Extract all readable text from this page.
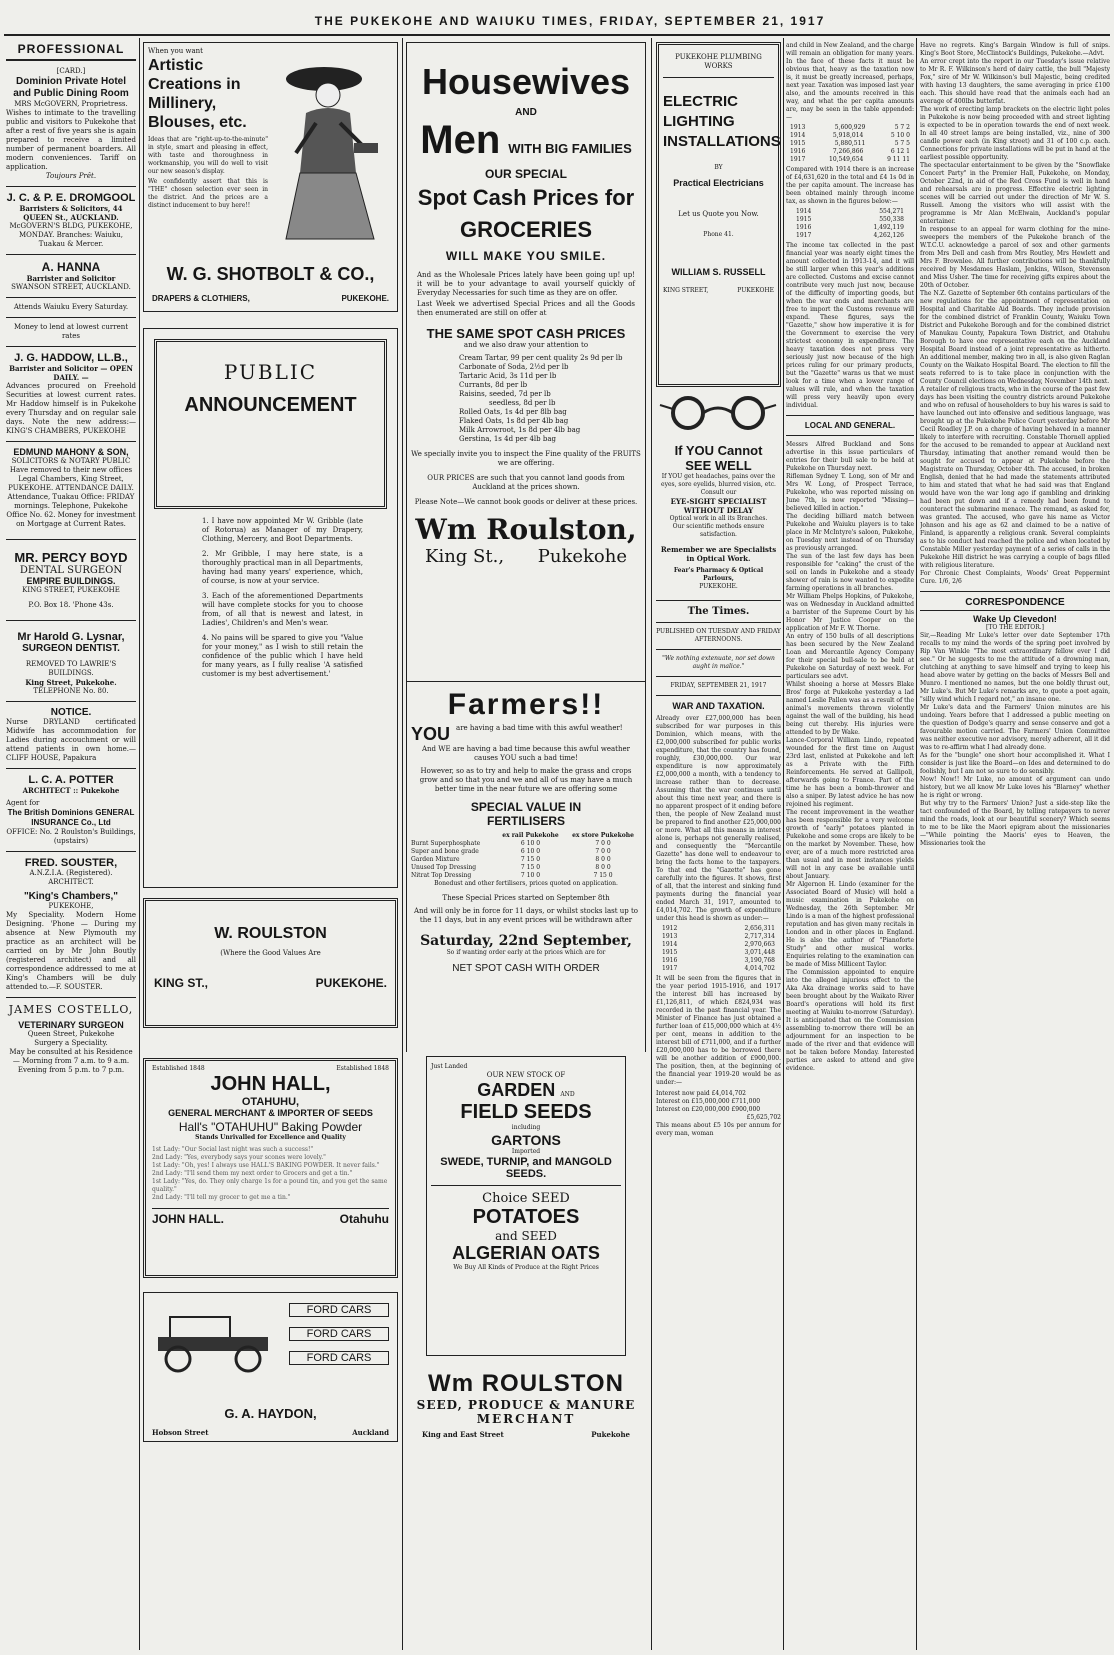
THE PUKEKOHE AND WAIUKU TIMES, FRIDAY, SEPTEMBER 21, 1917
PROFESSIONAL
[CARD.]
Dominion Private Hotel and Public Dining Room
MRS McGOVERN, Proprietress.
Wishes to intimate to the travelling public and visitors to Pukekohe that after a rest of five years she is again prepared to receive a limited number of permanent boarders. All modern conveniences. Tariff on application.
Toujours Prêt.
J. C. & P. E. DROMGOOL
Barristers & Solicitors, 44 QUEEN St., AUCKLAND.
McGOVERN'S BLDG, PUKEKOHE, MONDAY. Branches: Waiuku, Tuakau & Mercer.
A. HANNA
Barrister and Solicitor
SWANSON STREET, AUCKLAND.
Attends Waiuku Every Saturday.
Money to lend at lowest current rates
J. G. HADDOW, LL.B.,
Barrister and Solicitor — OPEN DAILY. —
Advances procured on Freehold Securities at lowest current rates. Mr Haddow himself is in Pukekohe every Thursday and on regular sale days. Note the new address:— KING'S CHAMBERS, PUKEKOHE
EDMUND MAHONY & SON,
SOLICITORS & NOTARY PUBLIC
Have removed to their new offices Legal Chambers, King Street, PUKEKOHE. ATTENDANCE DAILY. Attendance, Tuakau Office: FRIDAY mornings. Telephone, Pukekohe Office No. 62. Money for investment on Mortgage at Current Rates.
MR. PERCY BOYD
DENTAL SURGEON
EMPIRE BUILDINGS.
KING STREET, PUKEKOHE
P.O. Box 18. 'Phone 43s.
Mr Harold G. Lysnar,
SURGEON DENTIST.
REMOVED TO LAWRIE'S BUILDINGS.
King Street, Pukekohe.
TELEPHONE No. 80.
NOTICE.
Nurse DRYLAND certificated Midwife has accommodation for Ladies during accouchment or will attend patients in own home.— CLIFF HOUSE, Papakura
L. C. A. POTTER
ARCHITECT :: Pukekohe
Agent for
The British Dominions GENERAL INSURANCE Co., Ltd
OFFICE: No. 2 Roulston's Buildings, (upstairs)
FRED. SOUSTER,
A.N.Z.I.A. (Registered). ARCHITECT.
"King's Chambers,"
PUKEKOHE,
My Speciality. Modern Home Designing. 'Phone — During my absence at New Plymouth my practice as an architect will be carried on by Mr John Boutly (registered architect) and all correspondence addressed to me at King's Chambers will be duly attended to.—F. SOUSTER.
JAMES COSTELLO,
VETERINARY SURGEON
Queen Street, Pukekohe
Surgery a Speciality.
May be consulted at his Residence — Morning from 7 a.m. to 9 a.m. Evening from 5 p.m. to 7 p.m.
When you want
Artistic Creations in Millinery, Blouses, etc.
Ideas that are "right-up-to-the-minute" in style, smart and pleasing in effect, with taste and thoroughness in workmanship, you will do well to visit our new season's display.
We confidently assert that this is "THE" chosen selection ever seen in the district. And the prices are a distinct inducement to buy here!!
W. G. SHOTBOLT & CO.,
DRAPERS & CLOTHIERS,	PUKEKOHE.
PUBLIC
ANNOUNCEMENT
1. I have now appointed Mr W. Gribble (late of Rotorua) as Manager of my Drapery, Clothing, Mercery, and Boot Departments.
2. Mr Gribble, I may here state, is a thoroughly practical man in all Departments, having had many years' experience, which, of course, is now at your service.
3. Each of the aforementioned Departments will have complete stocks for you to choose from, of all that is newest and latest, in Ladies', Children's and Men's wear.
4. No pains will be spared to give you "Value for your money," as I wish to still retain the confidence of the public which I have held for many years, as I fully realise 'A satisfied customer is my best advertisement.'
W. ROULSTON
(Where the Good Values Are
KING ST.,	PUKEKOHE.
Established 1848	Established 1848
JOHN HALL,
OTAHUHU,
GENERAL MERCHANT & IMPORTER OF SEEDS
Hall's "OTAHUHU" Baking Powder
Stands Unrivalled for Excellence and Quality
1st Lady: "Our Social last night was such a success!"
2nd Lady: "Yes, everybody says your scones were lovely."
1st Lady: "Oh, yes! I always use HALL'S BAKING POWDER. It never fails."
2nd Lady: "I'll send them my next order to Grocers and get a tin."
1st Lady: "Yes, do. They only charge 1s for a pound tin, and you get the same quality."
2nd Lady: "I'll tell my grocer to get me a tin."
JOHN HALL.	Otahuhu
FORD CARS
FORD CARS
FORD CARS
G. A. HAYDON,
Hobson Street	Auckland
Housewives
AND
Men WITH BIG FAMILIES
OUR SPECIAL
Spot Cash Prices for
GROCERIES
WILL MAKE YOU SMILE.
And as the Wholesale Prices lately have been going up! up! it will be to your advantage to avail yourself quickly of Everyday Necessaries for such time as they are on offer.
Last Week we advertised Special Prices and all the Goods then enumerated are still on offer at
THE SAME SPOT CASH PRICES
and we also draw your attention to
Cream Tartar, 99 per cent quality 2s 9d per lb
Carbonate of Soda, 2½d per lb
Tartaric Acid, 3s 11d per lb
Currants, 8d per lb
Raisins, seeded, 7d per lb
seedless, 8d per lb
Rolled Oats, 1s 4d per 8lb bag
Flaked Oats, 1s 8d per 4lb bag
Milk Arrowroot, 1s 8d per 4lb bag
Gerstina, 1s 4d per 4lb bag
We specially invite you to inspect the Fine quality of the FRUITS we are offering.
OUR PRICES are such that you cannot land goods from Auckland at the prices shown.
Please Note—We cannot book goods or deliver at these prices.
Wm Roulston,
King St., Pukekohe
Farmers!!
YOU are having a bad time with this awful weather!
And WE are having a bad time because this awful weather causes YOU such a bad time!
However, so as to try and help to make the grass and crops grow and so that you and we and all of us may have a much better time in the near future we are offering some
SPECIAL VALUE IN
FERTILISERS
	ex rail Pukekohe	ex store Pukekohe
Burnt Superphosphate	6 10 0	7 0 0
Super and bone grade	6 10 0	7 0 0
Garden Mixture	7 15 0	8 0 0
Unused Top Dressing	7 15 0	8 0 0
Nitrat Top Dressing	7 10 0	7 15 0
Bonedust and other fertilisers, prices quoted on application.
These Special Prices started on September 8th
And will only be in force for 11 days, or whilst stocks last up to the 11 days, but in any event prices will be withdrawn after
Saturday, 22nd September,
So if wanting order early at the prices which are for
NET SPOT CASH WITH ORDER
Just Landed
OUR NEW STOCK OF
GARDEN AND
FIELD SEEDS
including
GARTONS
Imported
SWEDE, TURNIP, and MANGOLD SEEDS.
Choice SEED
POTATOES
and SEED
ALGERIAN OATS
We Buy All Kinds of Produce at the Right Prices
Wm ROULSTON
SEED, PRODUCE & MANURE
MERCHANT
King and East Street	Pukekohe
PUKEKOHE PLUMBING WORKS
ELECTRIC LIGHTING INSTALLATIONS
BY
Practical Electricians
Let us Quote you Now.
Phone 41.
WILLIAM S. RUSSELL
KING STREET,	PUKEKOHE
If YOU Cannot
SEE WELL
If YOU get headaches, pains over the eyes, sore eyelids, blurred vision, etc. Consult our
EYE-SIGHT SPECIALIST
WITHOUT DELAY
Optical work in all its Branches.
Our scientific methods ensure satisfaction.
Remember we are Specialists in Optical Work.
Fear's Pharmacy & Optical Parlours,
PUKEKOHE.
The Times.
PUBLISHED ON TUESDAY AND FRIDAY AFTERNOONS.
"We nothing extenuate, nor set down aught in malice."
FRIDAY, SEPTEMBER 21, 1917
WAR AND TAXATION.
Already over £27,000,000 has been subscribed for war purposes in this Dominion, which means, with the £2,000,000 subscribed for public works expenditure, that the country has found, roughly, £30,000,000. Our war expenditure is now approximately £2,000,000 a month, with a tendency to increase rather than to decrease. Assuming that the war continues until about this time next year, and there is no apparent prospect of it ending before then, the people of New Zealand must be prepared to find another £25,000,000 or more. What all this means in interest alone is, perhaps not generally realised, and consequently the "Mercantile Gazette" has done well to endeavour to bring the facts home to the taxpayers. To that end the "Gazette" has gone carefully into the figures. It shows, first of all, that the interest and sinking fund payments during the financial year ended March 31, 1917, amounted to £4,014,702. The growth of expenditure under this head is shown as under:—
1912	2,656,311
1913	2,717,314
1914	2,970,663
1915	3,071,448
1916	3,190,768
1917	4,014,702
It will be seen from the figures that in the year period 1915-1916, and 1917 the interest bill has increased by £1,126,811, of which £824,934 was recorded in the past financial year. The Minister of Finance has just obtained a further loan of £15,000,000 which at 4½ per cent, means in addition to the interest bill of £711,000, and if a further £20,000,000 has to be borrowed there will be another addition of £900,000. The position, then, at the beginning of the financial year 1919-20 would be as under:—
Interest now paid £4,014,702
Interest on £15,000,000 £711,000
Interest on £20,000,000 £900,000
£5,625,702
This means about £5 10s per annum for every man, woman
and child in New Zealand, and the charge will remain an obligation for many years. In the face of these facts it must be obvious that, heavy as the taxation now is, it must be greatly increased, perhaps, next year. Taxation was imposed last year also, and the amounts received in this way, and what the per capita amounts are, may be seen in the table appended:—
1913	5,600,929	5 7 2
1914	5,918,014	5 10 0
1915	5,880,511	5 7 5
1916	7,266,866	6 12 1
1917	10,549,654	9 11 11
Compared with 1914 there is an increase of £4,631,620 in the total and £4 1s 0d in the per capita amount. The increase has been obtained mainly through income tax, as shown in the figures below:—
1914	554,271
1915	550,338
1916	1,492,119
1917	4,262,126
The income tax collected in the past financial year was nearly eight times the amount collected in 1913-14, and it will be still larger when this year's additions are collected. Customs and excise cannot contribute very much just now, because of the difficulty of importing goods, but when the war ends and merchants are free to import the Customs revenue will expand. These figures, says the "Gazette," show how imperative it is for the Government to exercise the very strictest economy in expenditure. The heavy taxation does not press very seriously just now because of the high prices ruling for our primary products, but the "Gazette" warns us that we must look for a time when a lower range of values will rule, and when the taxation will press very heavily upon every individual.
LOCAL AND GENERAL.
Messrs Alfred Buckland and Sons advertise in this issue particulars of entries for their bull sale to be held at Pukekohe on Thursday next.
Rifleman Sydney T. Long, son of Mr and Mrs W. Long, of Prospect Terrace, Pukekohe, who was reported missing on June 7th, is now reported "Missing—believed killed in action."
The deciding billiard match between Pukekohe and Waiuku players is to take place in Mr McIntyre's saloon, Pukekohe, on Tuesday next instead of on Thursday as previously arranged.
The sun of the last few days has been responsible for "caking" the crust of the soil on lands in Pukekohe and a steady shower of rain is now wanted to expedite farming operations in all branches.
Mr William Phelps Hopkins, of Pukekohe, was on Wednesday in Auckland admitted a barrister of the Supreme Court by his Honor Mr Justice Cooper on the application of Mr F. W. Thorne.
An entry of 150 bulls of all descriptions has been secured by the New Zealand Loan and Mercantile Agency Company for their special bull-sale to be held at Pukekohe on Saturday of next week. For particulars see advt.
Whilst shoeing a horse at Messrs Blake Bros' forge at Pukekohe yesterday a lad named Leslie Pallen was as a result of the animal's movements thrown violently against the wall of the building, his head being cut thereby. His injuries were attended to by Dr Wake.
Lance-Corporal William Lindo, repeated wounded for the first time on August 23rd last, enlisted at Pukekohe and left as a Private with the Fifth Reinforcements. He served at Gallipoli, afterwards going to France. Part of the time he has been a bomb-thrower and also a sniper. By latest advice he has now rejoined his regiment.
The recent improvement in the weather has been responsible for a very welcome growth of "early" potatoes planted in Pukekohe and some crops are likely to be on the market by November. These, how ever, are of a much more restricted area than usual and in most instances yields will not in any case be available until about January.
Mr Algernon H. Lindo (examiner for the Associated Board of Music) will hold a music examination in Pukekohe on Wednesday, the 26th September. Mr Lindo is a man of the highest professional reputation and has given many recitals in London and in other places in England. He is also the author of "Pianoforte Study" and other musical works. Enquiries relating to the examination can be made of Miss Millicent Taylor.
The Commission appointed to enquire into the alleged injurious effect to the Aka Aka drainage works said to have been brought about by the Waikato River Board's operations will hold its first meeting at Waiuku to-morrow (Saturday). It is anticipated that on the Commission assembling to-morrow there will be an adjournment for an inspection to be made of the river and that evidence will not be taken before Monday. Interested parties are asked to attend and give evidence.
Have no regrets. King's Bargain Window is full of snips. King's Boot Store, McClintock's Buildings, Pukekohe.—Advt.
An error crept into the report in our Tuesday's issue relative to Mr R. F. Wilkinson's herd of dairy cattle, the bull "Majesty Fox," sire of Mr W. Wilkinson's bull Majestic, being credited with having 13 daughters, the same averaging in price £100 each. This should have read that the animals each had an average of 400lbs butterfat.
The work of erecting lamp brackets on the electric light poles in Pukekohe is now being proceeded with and street lighting is expected to be in operation towards the end of next week. In all 40 street lamps are being installed, viz., nine of 300 candle power each (in King street) and 31 of 100 c.p. each. Connections for private installations will be put in hand at the earliest possible opportunity.
The spectacular entertainment to be given by the "Snowflake Concert Party" in the Premier Hall, Pukekohe, on Monday, October 22nd, in aid of the Red Cross Fund is well in hand and rehearsals are in progress. Effective electric lighting scenes will be carried out under the direction of Mr W. S. Russell. Among the visitors who will assist with the programme is Mr Alan McElwain, Auckland's popular entertainer.
In response to an appeal for warm clothing for the mine-sweepers the members of the Pukekohe branch of the W.T.C.U. acknowledge a parcel of sox and other garments from Mrs Dell and cash from Mrs Routley, Mrs Hewlett and Mrs F. Brownlee. All further contributions will be thankfully received by Mesdames Haslam, Jenkins, Wilson, Stevenson and Miss Usher. The time for receiving gifts expires about the 20th of October.
The N.Z. Gazette of September 6th contains particulars of the new regulations for the appointment of representation on Hospital and Charitable Aid Boards. They include provision for the combined district of Franklin County, Waiuku Town District and Pukekohe Borough and for the combined district of Manukau County, Papakura Town District, and Otahuhu Borough to have one representative each on the Auckland Hospital Board instead of a joint representative as hitherto. An additional member, making two in all, is also given Raglan County on the Waikato Hospital Board. The election to fill the seats referred to is to take place in conjunction with the County Council elections on Wednesday, November 14th next.
A retailer of religious tracts, who in the course of the past few days has been visiting the country districts around Pukekohe and who on refusal of householders to buy his wares is said to have launched out into offensive and seditious language, was brought up at the Pukekohe Police Court yesterday before Mr Cecil Roadley J.P. on a charge of having behaved in a manner likely to interfere with recruiting. Constable Thornell applied for the accused to be remanded to appear at Auckland next Thursday, intimating that another remand would then be sought for accused to appear at Pukekohe before the Magistrate on Thursday, October 4th. The accused, in broken English, denied that he had made the statements attributed to him and stated that what he had said was that England would have won the war long ago if gambling and drinking had been put down and if a remedy had been found to counteract the submarine menace. The remand, as asked for, was granted. The accused, who gave his name as Victor Johnson and his age as 62 and claimed to be a native of Finland, is apparently a religious crank. Several complaints as to his conduct had reached the police and when located by Constable Miller yesterday payment of a series of calls in the Pukekohe Hill district he was carrying a couple of bags filled with religious literature.
For Chronic Chest Complaints, Woods' Great Peppermint Cure. 1/6, 2/6
CORRESPONDENCE
Wake Up Clevedon!
[TO THE EDITOR.]
Sir,—Reading Mr Luke's letter over date September 17th recalls to my mind the words of the spring poet involved by Rip Van Winkle "The most extraordinary fellow ever I did see." Or he suggests to me the attitude of a drowning man, clutching at anything to save himself and trying to keep his head above water by getting on the backs of Messrs Bell and Munro. I mentioned no names, but the one boldly thrust out, Mr Luke's. But Mr Luke's remarks are, to quote a poet again, "silly wind which I regard not," an insane one.
Mr Luke's data and the Farmers' Union minutes are his undoing. Years before that I addressed a public meeting on the question of Dodge's quarry and sense conserve and got a favourable motion carried. The Farmers' Union Committee was neither executive nor advisory, merely adherent, all it did was to re-affirm what I had already done.
As for the "bungle" one short hour accomplished it. What I consider is just like the Board—on Ides and determined to do foolishly, but I am not so sure to do sensibly.
Now! Now!! Mr Luke, no amount of argument can undo history, but we all know Mr Luke loves his "Blarney" whether he is right or wrong.
But why try to the Farmers' Union? Just a side-step like the tact confounded of the Board, by telling ratepayers to never mind the roads, look at our beautiful scenery? Which seems to me to be like the Maori epigram about the missionaries—"While pointing the Maoris' eyes to Heaven, the Missionaries took the
